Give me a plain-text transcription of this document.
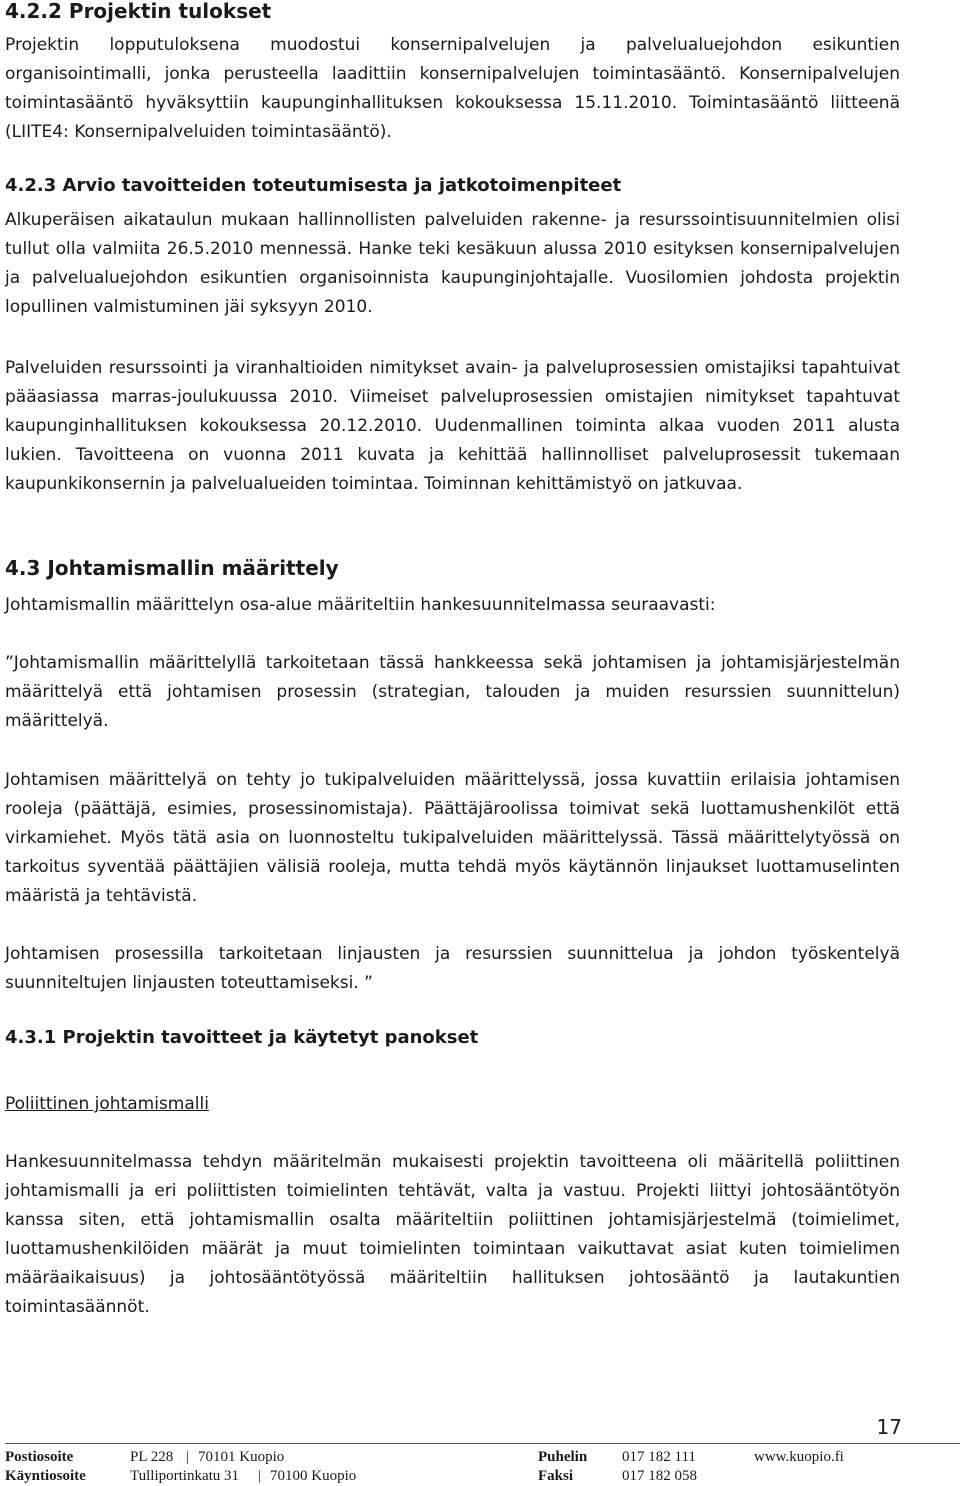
4.2.2 Projektin tulokset

Projektin lopputuloksena muodostui konsernipalvelujen ja palvelualuejohdon esikuntien organisointimalli, jonka perusteella laadittiin konsernipalvelujen toimintasääntö. Konsernipalvelujen toimintasääntö hyväksyttiin kaupunginhallituksen kokouksessa 15.11.2010. Toimintasääntö liitteenä (LIITE4: Konsernipalveluiden toimintasääntö).

4.2.3 Arvio tavoitteiden toteutumisesta ja jatkotoimenpiteet

Alkuperäisen aikataulun mukaan hallinnollisten palveluiden rakenne- ja resurssointisuunnitelmien olisi tullut olla valmiita 26.5.2010 mennessä. Hanke teki kesäkuun alussa 2010 esityksen konsernipalvelujen ja palvelualuejohdon esikuntien organisoinnista kaupunginjohtajalle. Vuosilomien johdosta projektin lopullinen valmistuminen jäi syksyyn 2010.

Palveluiden resurssointi ja viranhaltioiden nimitykset avain- ja palveluprosessien omistajiksi tapahtuivat pääasiassa marras-joulukuussa 2010. Viimeiset palveluprosessien omistajien nimitykset tapahtuvat kaupunginhallituksen kokouksessa 20.12.2010. Uudenmallinen toiminta alkaa vuoden 2011 alusta lukien. Tavoitteena on vuonna 2011 kuvata ja kehittää hallinnolliset palveluprosessit tukemaan kaupunkikonsernin ja palvelualueiden toimintaa. Toiminnan kehittämistyö on jatkuvaa.

4.3 Johtamismallin määrittely

Johtamismallin määrittelyn osa-alue määriteltiin hankesuunnitelmassa seuraavasti:

”Johtamismallin määrittelyllä tarkoitetaan tässä hankkeessa sekä johtamisen ja johtamisjärjestelmän määrittelyä että johtamisen prosessin (strategian, talouden ja muiden resurssien suunnittelun) määrittelyä.

Johtamisen määrittelyä on tehty jo tukipalveluiden määrittelyssä, jossa kuvattiin erilaisia johtamisen rooleja (päättäjä, esimies, prosessinomistaja). Päättäjäroolissa toimivat sekä luottamushenkilöt että virkamiehet. Myös tätä asia on luonnosteltu tukipalveluiden määrittelyssä. Tässä määrittelytyössä on tarkoitus syventää päättäjien välisiä rooleja, mutta tehdä myös käytännön linjaukset luottamuselinten määristä ja tehtävistä.

Johtamisen prosessilla tarkoitetaan linjausten ja resurssien suunnittelua ja johdon työskentelyä suunniteltujen linjausten toteuttamiseksi. ”

4.3.1 Projektin tavoitteet ja käytetyt panokset
Poliittinen johtamismalli

Hankesuunnitelmassa tehdyn määritelmän mukaisesti projektin tavoitteena oli määritellä poliittinen johtamismalli ja eri poliittisten toimielinten tehtävät, valta ja vastuu. Projekti liittyi johtosääntötyön kanssa siten, että johtamismallin osalta määriteltiin poliittinen johtamisjärjestelmä (toimielimet, luottamushenkilöiden määrät ja muut toimielinten toimintaan vaikuttavat asiat kuten toimielimen määräaikaisuus) ja johtosääntötyössä määriteltiin hallituksen johtosääntö ja lautakuntien toimintasäännöt.

17
Postiosoite	PL 228 | 70101 Kuopio	Puhelin 017 182 111	www.kuopio.fi
Käyntiosoite	Tulliportinkatu 31 | 70100 Kuopio	Faksi	017 182 058
